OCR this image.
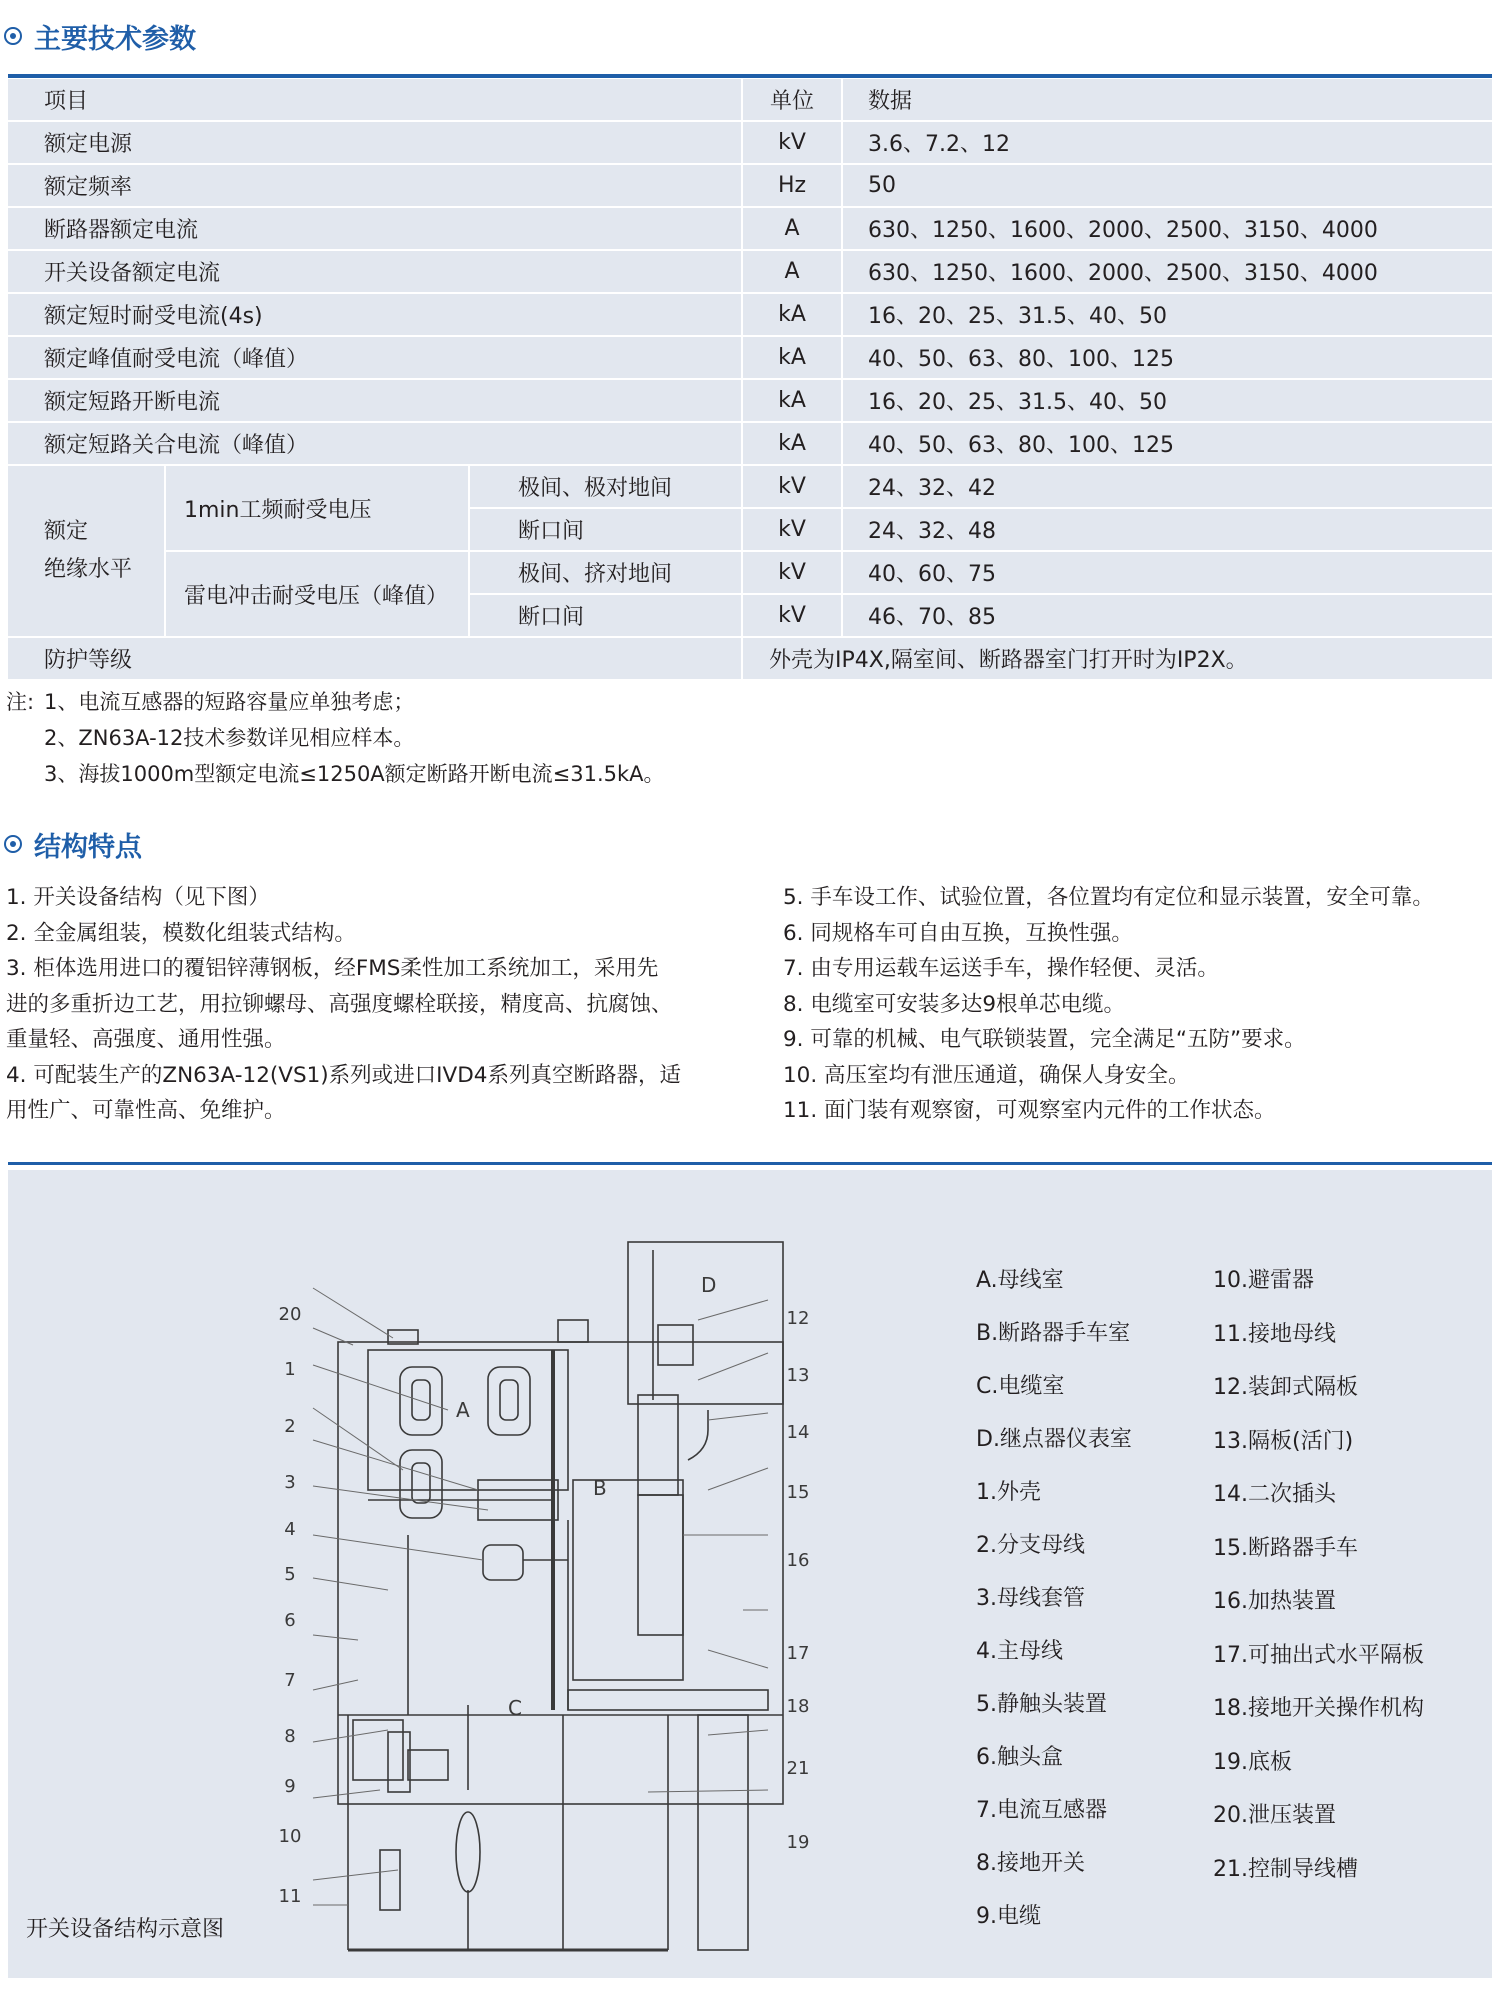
主要技术参数
项目			单位	数据
额定电源			kV	3.6、7.2、12
额定频率			Hz	50
断路器额定电流			A	630、1250、1600、2000、2500、3150、4000
开关设备额定电流			A	630、1250、1600、2000、2500、3150、4000
额定短时耐受电流(4s)			kA	16、20、25、31.5、40、50
额定峰值耐受电流（峰值）			kA	40、50、63、80、100、125
额定短路开断电流			kA	16、20、25、31.5、40、50
额定短路关合电流（峰值）			kA	40、50、63、80、100、125
额定
绝缘水平	1min工频耐受电压	极间、极对地间	kV	24、32、42
		断口间	kV	24、32、48
	雷电冲击耐受电压（峰值）	极间、挤对地间	kV	40、60、75
		断口间	kV	46、70、85
防护等级			外壳为IP4X,隔室间、断路器室门打开时为IP2X。	
注: 1、电流互感器的短路容量应单独考虑；
2、ZN63A-12技术参数详见相应样本。
3、海拔1000m型额定电流≤1250A额定断路开断电流≤31.5kA。
结构特点
1. 开关设备结构（见下图）
2. 全金属组装，模数化组装式结构。
3. 柜体选用进口的覆铝锌薄钢板，经FMS柔性加工系统加工，采用先
进的多重折边工艺，用拉铆螺母、高强度螺栓联接，精度高、抗腐蚀、
重量轻、高强度、通用性强。
4. 可配装生产的ZN63A-12(VS1)系列或进口IVD4系列真空断路器，适
用性广、可靠性高、免维护。
5. 手车设工作、试验位置，各位置均有定位和显示装置，安全可靠。
6. 同规格车可自由互换，互换性强。
7. 由专用运载车运送手车，操作轻便、灵活。
8. 电缆室可安装多达9根单芯电缆。
9. 可靠的机械、电气联锁装置，完全满足“五防”要求。
10. 高压室均有泄压通道，确保人身安全。
11. 面门装有观察窗，可观察室内元件的工作状态。
A
B
C
D
20
1
2
3
4
5
6
7
8
9
10
11
12
13
14
15
16
17
18
21
19
A.母线室
B.断路器手车室
C.电缆室
D.继点器仪表室
1.外壳
2.分支母线
3.母线套管
4.主母线
5.静触头装置
6.触头盒
7.电流互感器
8.接地开关
9.电缆
10.避雷器
11.接地母线
12.装卸式隔板
13.隔板(活门)
14.二次插头
15.断路器手车
16.加热装置
17.可抽出式水平隔板
18.接地开关操作机构
19.底板
20.泄压装置
21.控制导线槽
开关设备结构示意图
